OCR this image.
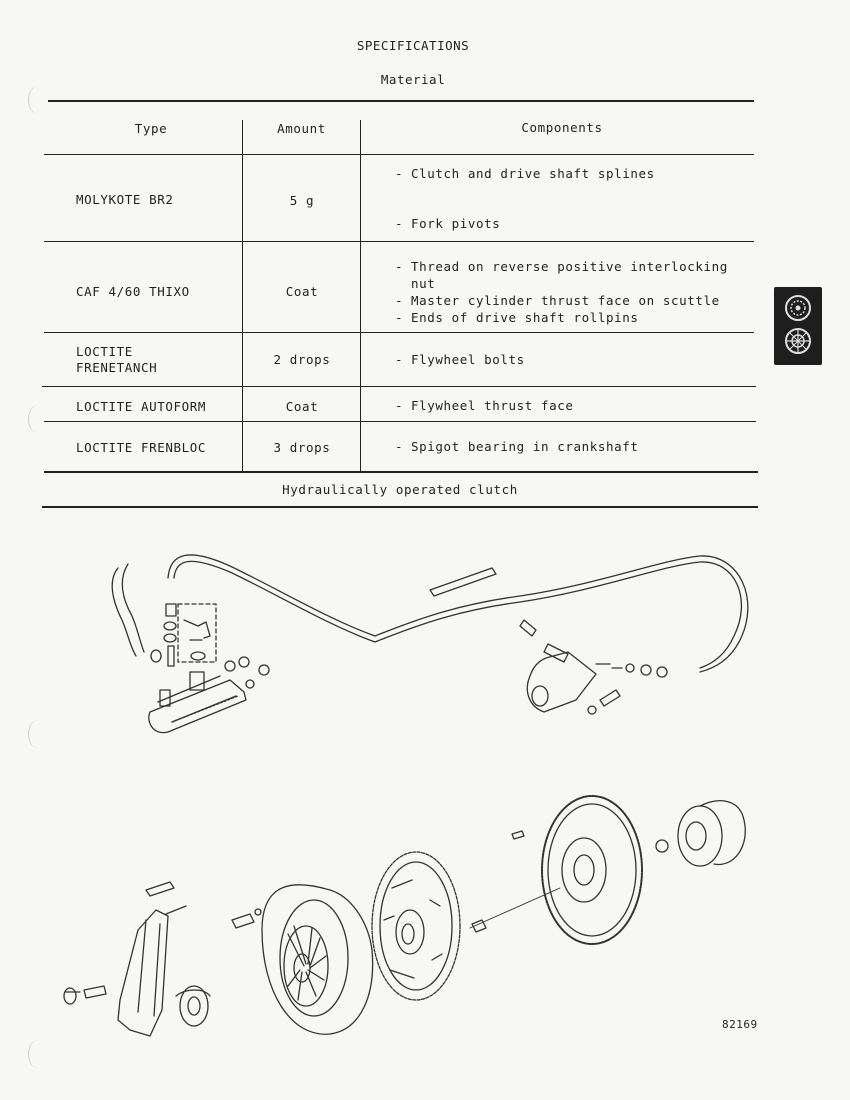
SPECIFICATIONS
Material
Type	Amount	Components
MOLYKOTE BR2	5 g
- Clutch and drive shaft splines
- Fork pivots
CAF 4/60 THIXO	Coat
- Thread on reverse positive interlocking nut
- Master cylinder thrust face on scuttle
- Ends of drive shaft rollpins
LOCTITE
FRENETANCH
2 drops	- Flywheel bolts
LOCTITE AUTOFORM	Coat	- Flywheel thrust face
LOCTITE FRENBLOC	3 drops	- Spigot bearing in crankshaft
Hydraulically operated clutch
82169
